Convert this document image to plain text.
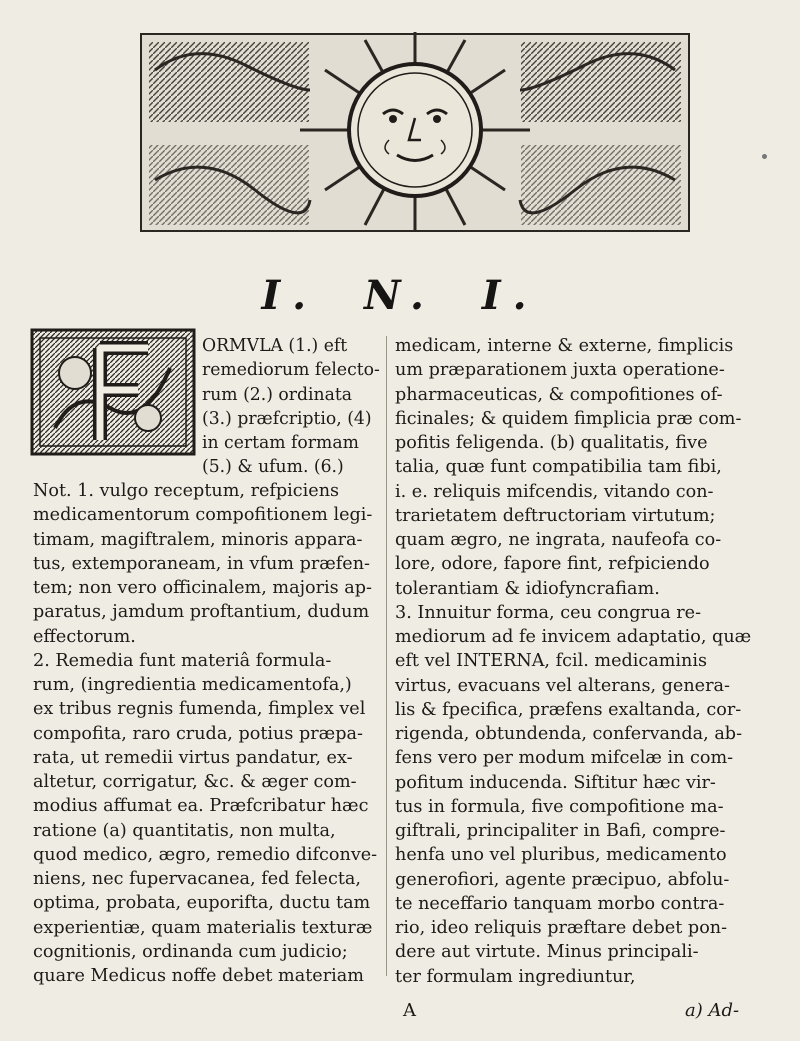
I. N. I.
ORMVLA (1.) eft
remediorum felecto-
rum (2.) ordinata
(3.) præfcriptio, (4)
in certam formam
(5.) & ufum. (6.)
Not. 1. vulgo receptum, refpiciens
medicamentorum compofitionem legi-
timam, magiftralem, minoris appara-
tus, extemporaneam, in vfum præfen-
tem; non vero officinalem, majoris ap-
paratus, jamdum proftantium, dudum
effectorum.
2. Remedia funt materiâ formula-
rum, (ingredientia medicamentofa,)
ex tribus regnis fumenda, fimplex vel
compofita, raro cruda, potius præpa-
rata, ut remedii virtus pandatur, ex-
altetur, corrigatur, &c. & æger com-
modius affumat ea. Præfcribatur hæc
ratione (a) quantitatis, non multa,
quod medico, ægro, remedio difconve-
niens, nec fupervacanea, fed felecta,
optima, probata, euporifta, ductu tam
experientiæ, quam materialis texturæ
cognitionis, ordinanda cum judicio;
quare Medicus noffe debet materiam
medicam, interne & externe, fimplicis
um præparationem juxta operatione-
pharmaceuticas, & compofitiones of-
ficinales; & quidem fimplicia præ com-
pofitis feligenda. (b) qualitatis, five
talia, quæ funt compatibilia tam fibi,
i. e. reliquis mifcendis, vitando con-
trarietatem deftructoriam virtutum;
quam ægro, ne ingrata, naufeofa co-
lore, odore, fapore fint, refpiciendo
tolerantiam & idiofyncrafiam.
3. Innuitur forma, ceu congrua re-
mediorum ad fe invicem adaptatio, quæ
eft vel INTERNA, fcil. medicaminis
virtus, evacuans vel alterans, genera-
lis & fpecifica, præfens exaltanda, cor-
rigenda, obtundenda, confervanda, ab-
fens vero per modum mifcelæ in com-
pofitum inducenda. Siftitur hæc vir-
tus in formula, five compofitione ma-
giftrali, principaliter in Bafi, compre-
henfa uno vel pluribus, medicamento
generofiori, agente præcipuo, abfolu-
te neceffario tanquam morbo contra-
rio, ideo reliquis præftare debet pon-
dere aut virtute. Minus principali-
ter formulam ingrediuntur,
A	a) Ad-
